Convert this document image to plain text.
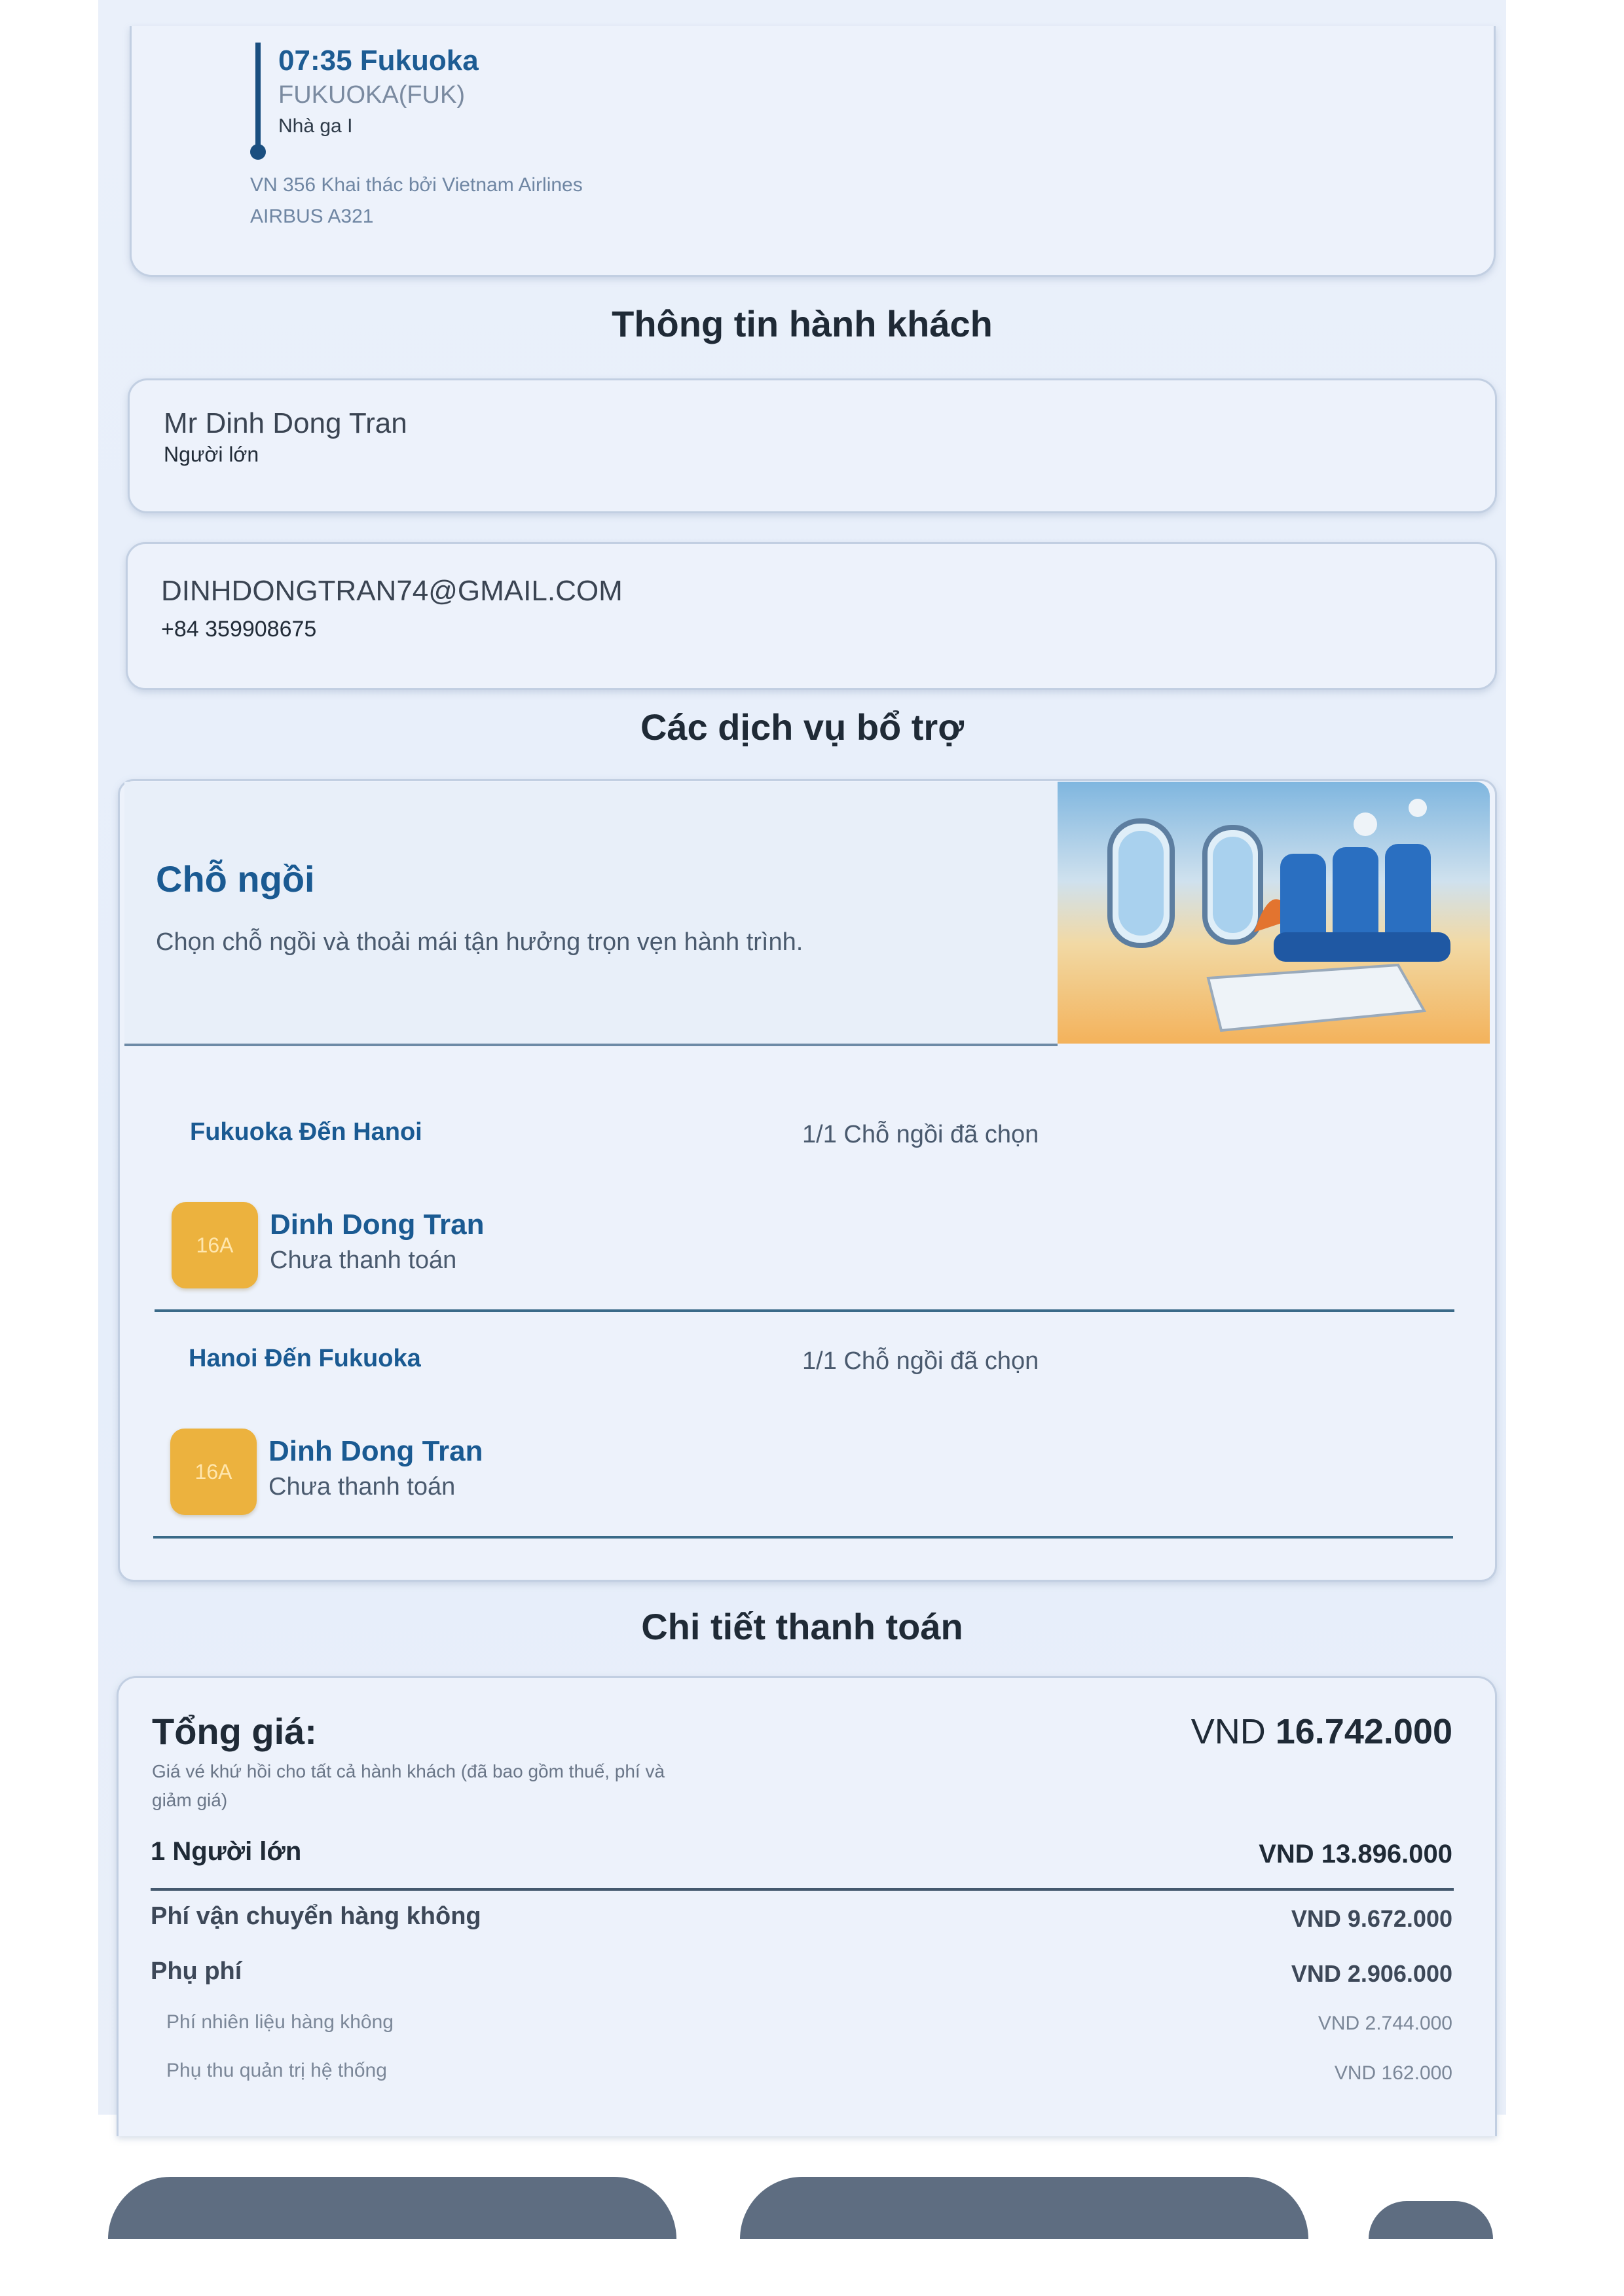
07:35 Fukuoka
FUKUOKA(FUK)
Nhà ga I
VN 356 Khai thác bởi Vietnam Airlines
AIRBUS A321
Thông tin hành khách
Mr Dinh Dong Tran
Người lớn
DINHDONGTRAN74@GMAIL.COM
+84 359908675
Các dịch vụ bổ trợ
Chỗ ngồi
Chọn chỗ ngồi và thoải mái tận hưởng trọn vẹn hành trình.
Fukuoka Đến Hanoi	1/1 Chỗ ngồi đã chọn
16A
Dinh Dong Tran
Chưa thanh toán
Hanoi Đến Fukuoka	1/1 Chỗ ngồi đã chọn
16A
Dinh Dong Tran
Chưa thanh toán
Chi tiết thanh toán
Tổng giá:	VND 16.742.000
Giá vé khứ hồi cho tất cả hành khách (đã bao gồm thuế, phí và
giảm giá)
1 Người lớn	VND 13.896.000
Phí vận chuyển hàng không	VND 9.672.000
Phụ phí	VND 2.906.000
Phí nhiên liệu hàng không	VND 2.744.000
Phụ thu quản trị hệ thống	VND 162.000
